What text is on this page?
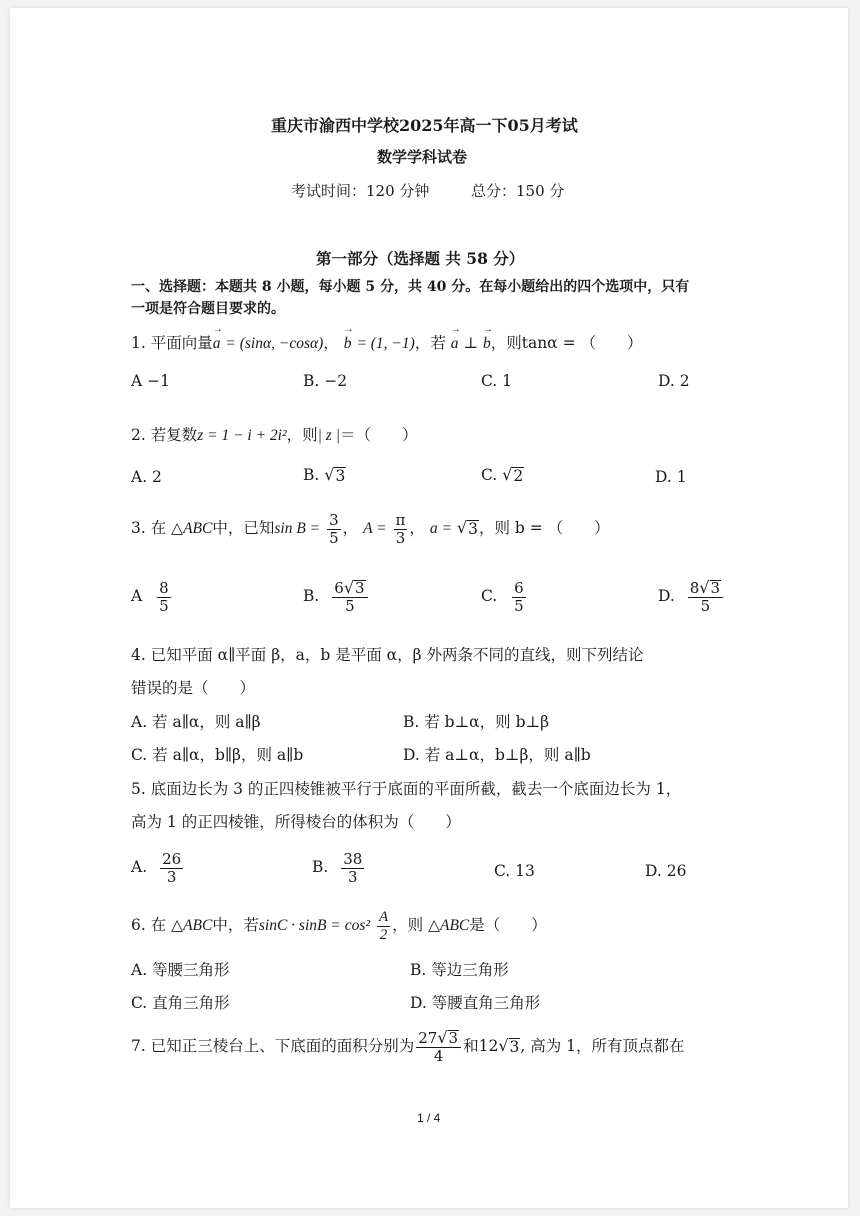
重庆市渝西中学校2025年高一下05月考试
数学学科试卷
考试时间：120 分钟	总分：150 分
第一部分（选择题 共 58 分）
一、选择题：本题共 8 小题，每小题 5 分，共 40 分。在每小题给出的四个选项中，只有
一项是符合题目要求的。
1. 平面向量→ a = (sinα, −cosα)， → b = (1, −1)，若 → a ⊥ → b，则tanα = （　　）
A −1	B. −2	C. 1	D. 2
2. 若复数z = 1 − i + 2i²，则| z |＝（　　）
A. 2	B. √ 3	C. √ 2	D. 1
3. 在 △ABC中，已知$\sin B = \frac{3}{5}$ ， $A = \frac{\pi}{3}$ ， a = √ 3 ，则 b = （　　）
A $\frac{8}{5}$	B. $\frac{6 √ 3}{5}$	C. $\frac{6}{5}$	D. $\frac{8 √ 3}{5}$
4. 已知平面 α∥平面 β，a，b 是平面 α，β 外两条不同的直线，则下列结论
错误的是（　　）
A. 若 a∥α，则 a∥β	B. 若 b⊥α，则 b⊥β
C. 若 a∥α，b∥β，则 a∥b	D. 若 a⊥α，b⊥β，则 a∥b
5. 底面边长为 3 的正四棱锥被平行于底面的平面所截，截去一个底面边长为 1，
高为 1 的正四棱锥，所得棱台的体积为（　　）
A. $\frac{26}{3}$	B. $\frac{38}{3}$	C. 13	D. 26
6. 在 △ABC中，若$\sin C \cdot \sin B = \cos^2 \frac{A}{2}$ ，则 △ABC是（　　）
A. 等腰三角形	B. 等边三角形
C. 直角三角形	D. 等腰直角三角形
7. 已知正三棱台上、下底面的面积分别为 $\frac{27 √ 3}{4}$ 和12 √ 3 , 高为 1，所有顶点都在
1 / 4
